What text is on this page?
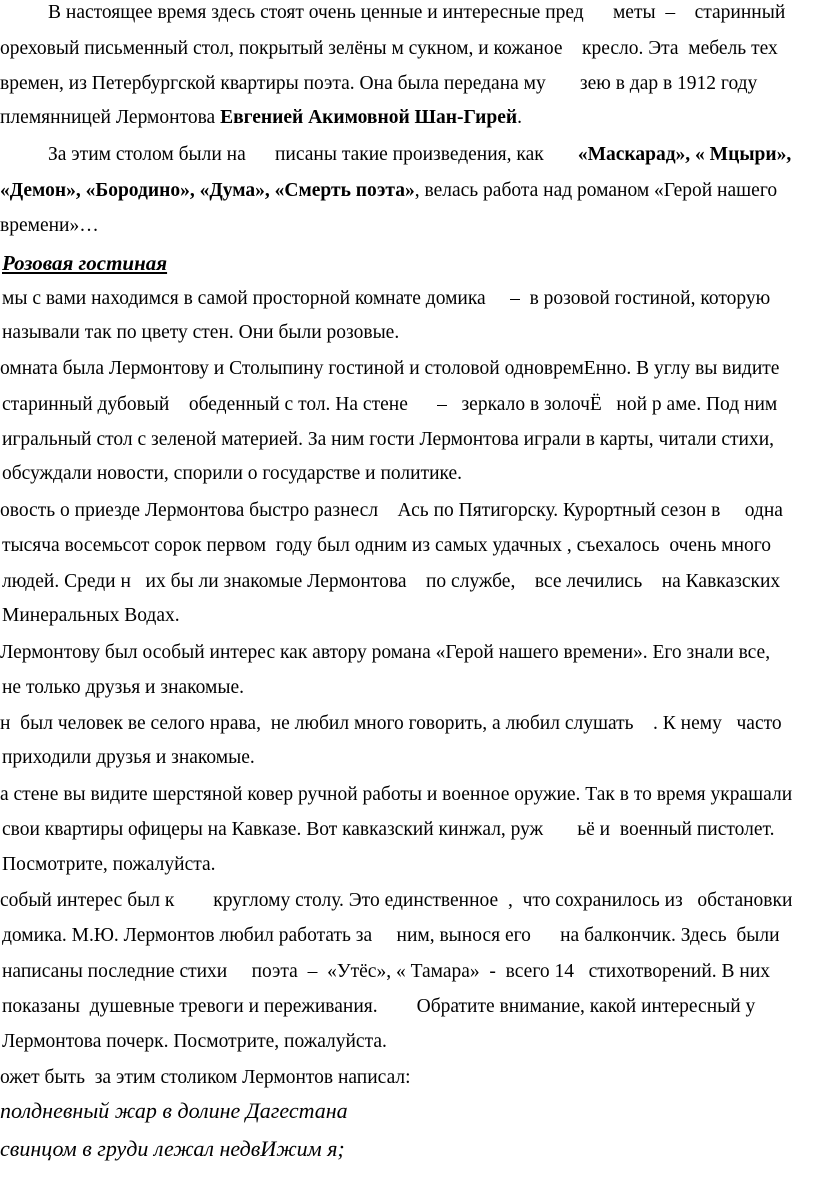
В настоящее время здесь стоят очень ценные и интересные пред      меты  –    старинный
ореховый письменный стол, покрытый зелёны м сукном, и кожаное    кресло. Эта  мебель тех
времен, из Петербургской квартиры поэта. Она была передана му       зею в дар в 1912 году
племянницей Лермонтова Евгенией Акимовной Шан-Гирей.
За этим столом были на      писаны такие произведения, как       «Маскарад», « Мцыри»,
«Демон», «Бородино», «Дума», «Смерть поэта», велась работа над романом «Герой нашего
времени»…
Розовая гостиная
мы с вами находимся в самой просторной комнате домика     –  в розовой гостиной, которую
называли так по цвету стен. Они были розовые.
омната была Лермонтову и Столыпину гостиной и столовой одновремЕнно. В углу вы видите
старинный дубовый    обеденный с тол. На стене      –   зеркало в золочЁ   ной р аме. Под ним
игральный стол с зеленой материей. За ним гости Лермонтова играли в карты, читали стихи,
обсуждали новости, спорили о государстве и политике.
овость о приезде Лермонтова быстро разнесл    Ась по Пятигорску. Курортный сезон в     одна
тысяча восемьсот сорок первом  году был одним из самых удачных , съехалось  очень много
людей. Среди н   их бы ли знакомые Лермонтова    по службе,    все лечились    на Кавказских
Минеральных Водах.
Лермонтову был особый интерес как автору романа «Герой нашего времени». Его знали все,
не только друзья и знакомые.
н  был человек ве селого нрава,  не любил много говорить, а любил слушать    . К нему   часто
приходили друзья и знакомые.
а стене вы видите шерстяной ковер ручной работы и военное оружие. Так в то время украшали
свои квартиры офицеры на Кавказе. Вот кавказский кинжал, руж       ьё и  военный пистолет.
Посмотрите, пожалуйста.
собый интерес был к        круглому столу. Это единственное  ,  что сохранилось из   обстановки
домика. М.Ю. Лермонтов любил работать за     ним, вынося его      на балкончик. Здесь  были
написаны последние стихи     поэта  –  «Утёс», « Тамара»  -  всего 14   стихотворений. В них
показаны  душевные тревоги и переживания.        Обратите внимание, какой интересный у
Лермонтова почерк. Посмотрите, пожалуйста.
ожет быть  за этим столиком Лермонтов написал:
полдневный жар в долине Дагестана
свинцом в груди лежал недвИжим я;
